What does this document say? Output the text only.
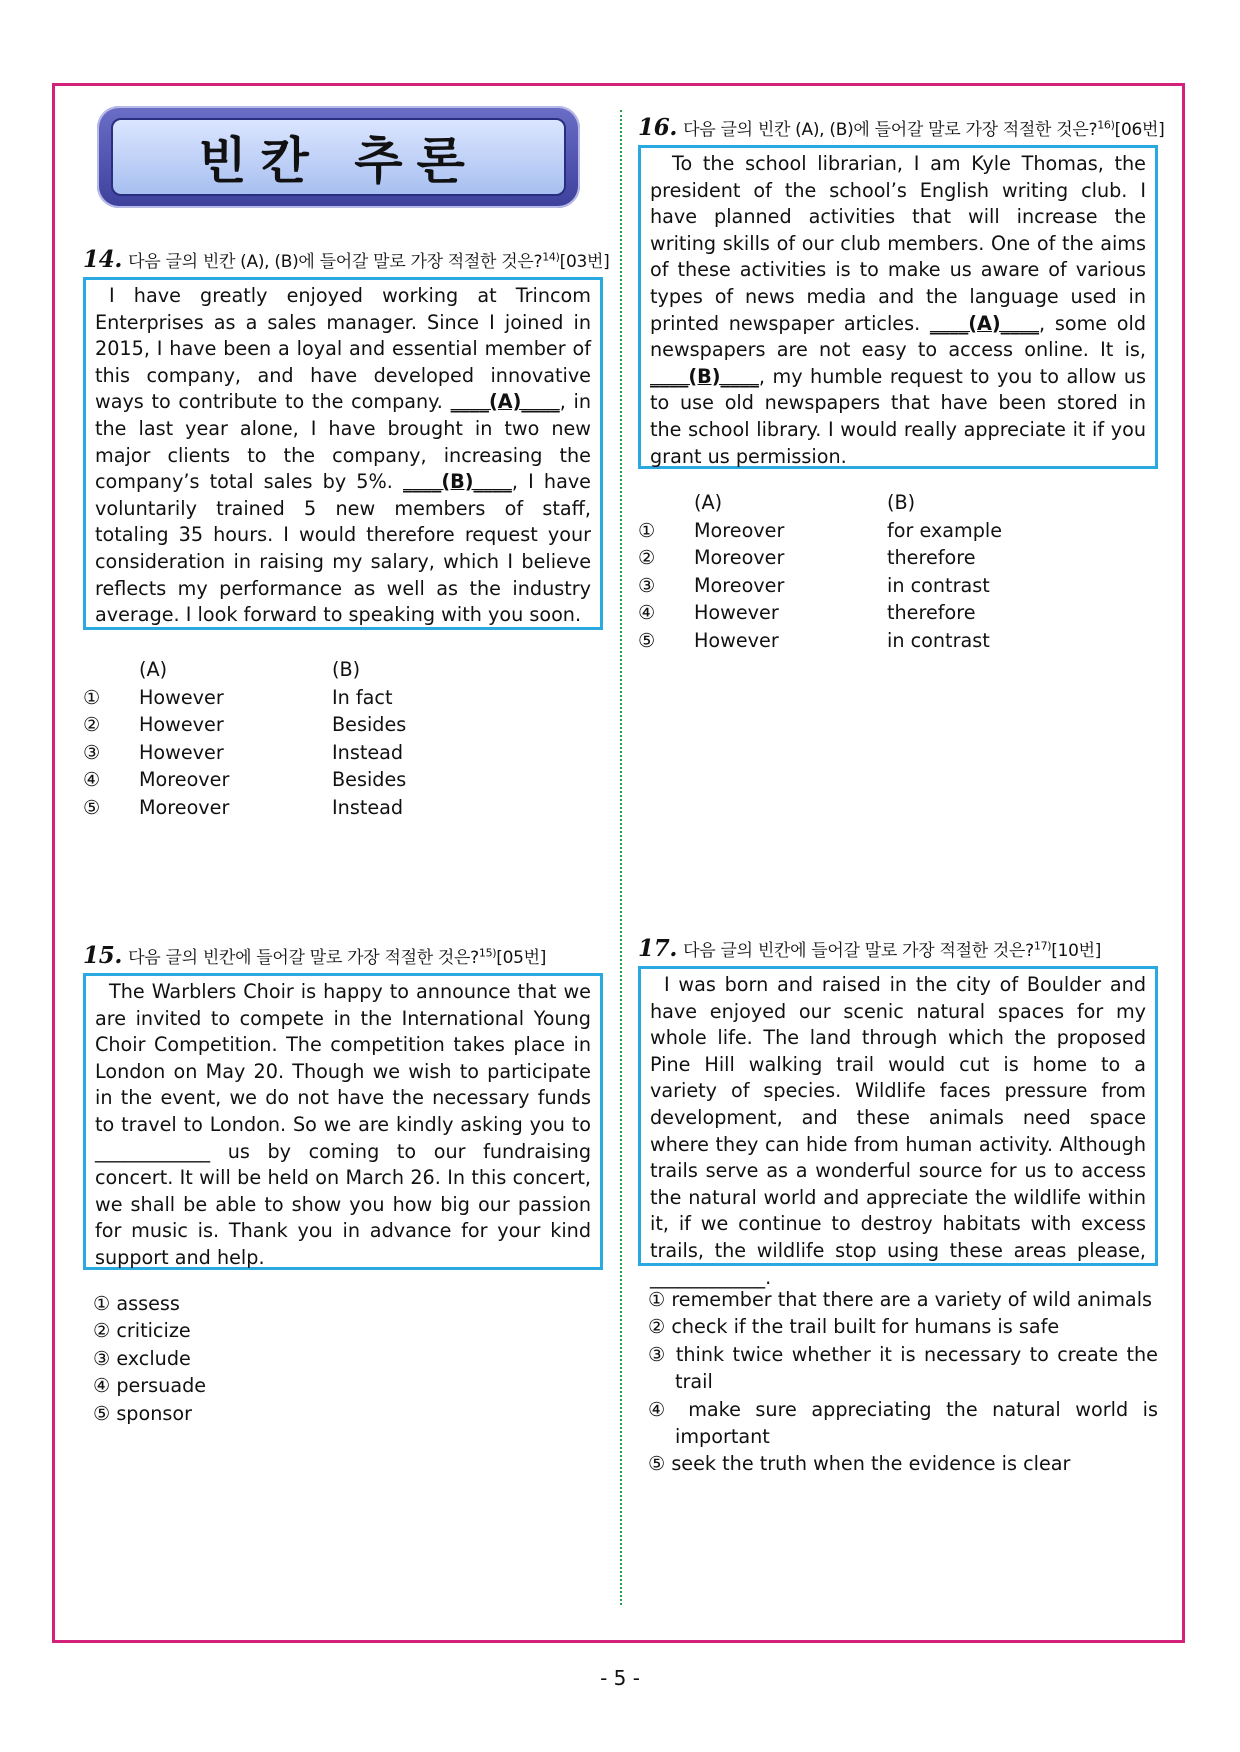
빈칸 추론
14. 다음 글의 빈칸 (A), (B)에 들어갈 말로 가장 적절한 것은?$^{14)}$[03번]
I have greatly enjoyed working at Trincom Enterprises as a sales manager. Since I joined in 2015, I have been a loyal and essential member of this company, and have developed innovative ways to contribute to the company. ____(A)____, in the last year alone, I have brought in two new major clients to the company, increasing the company’s total sales by 5%. ____(B)____, I have voluntarily trained 5 new members of staff, totaling 35 hours. I would therefore request your consideration in raising my salary, which I believe reflects my performance as well as the industry average. I look forward to speaking with you soon.
	(A)	(B)
①	However	In fact
②	However	Besides
③	However	Instead
④	Moreover	Besides
⑤	Moreover	Instead
15. 다음 글의 빈칸에 들어갈 말로 가장 적절한 것은?$^{15)}$[05번]
The Warblers Choir is happy to announce that we are invited to compete in the International Young Choir Competition. The competition takes place in London on May 20. Though we wish to participate in the event, we do not have the necessary funds to travel to London. So we are kindly asking you to ____________ us by coming to our fundraising concert. It will be held on March 26. In this concert, we shall be able to show you how big our passion for music is. Thank you in advance for your kind support and help.
① assess
② criticize
③ exclude
④ persuade
⑤ sponsor
16. 다음 글의 빈칸 (A), (B)에 들어갈 말로 가장 적절한 것은?$^{16)}$[06번]
To the school librarian, I am Kyle Thomas, the president of the school’s English writing club. I have planned activities that will increase the writing skills of our club members. One of the aims of these activities is to make us aware of various types of news media and the language used in printed newspaper articles. ____(A)____, some old newspapers are not easy to access online. It is, ____(B)____, my humble request to you to allow us to use old newspapers that have been stored in the school library. I would really appreciate it if you grant us permission.
	(A)	(B)
①	Moreover	for example
②	Moreover	therefore
③	Moreover	in contrast
④	However	therefore
⑤	However	in contrast
17. 다음 글의 빈칸에 들어갈 말로 가장 적절한 것은?$^{17)}$[10번]
I was born and raised in the city of Boulder and have enjoyed our scenic natural spaces for my whole life. The land through which the proposed Pine Hill walking trail would cut is home to a variety of species. Wildlife faces pressure from development, and these animals need space where they can hide from human activity. Although trails serve as a wonderful source for us to access the natural world and appreciate the wildlife within it, if we continue to destroy habitats with excess trails, the wildlife stop using these areas please, ____________.
① remember that there are a variety of wild animals
② check if the trail built for humans is safe
③ think twice whether it is necessary to create the trail
④ make sure appreciating the natural world is important
⑤ seek the truth when the evidence is clear
- 5 -
